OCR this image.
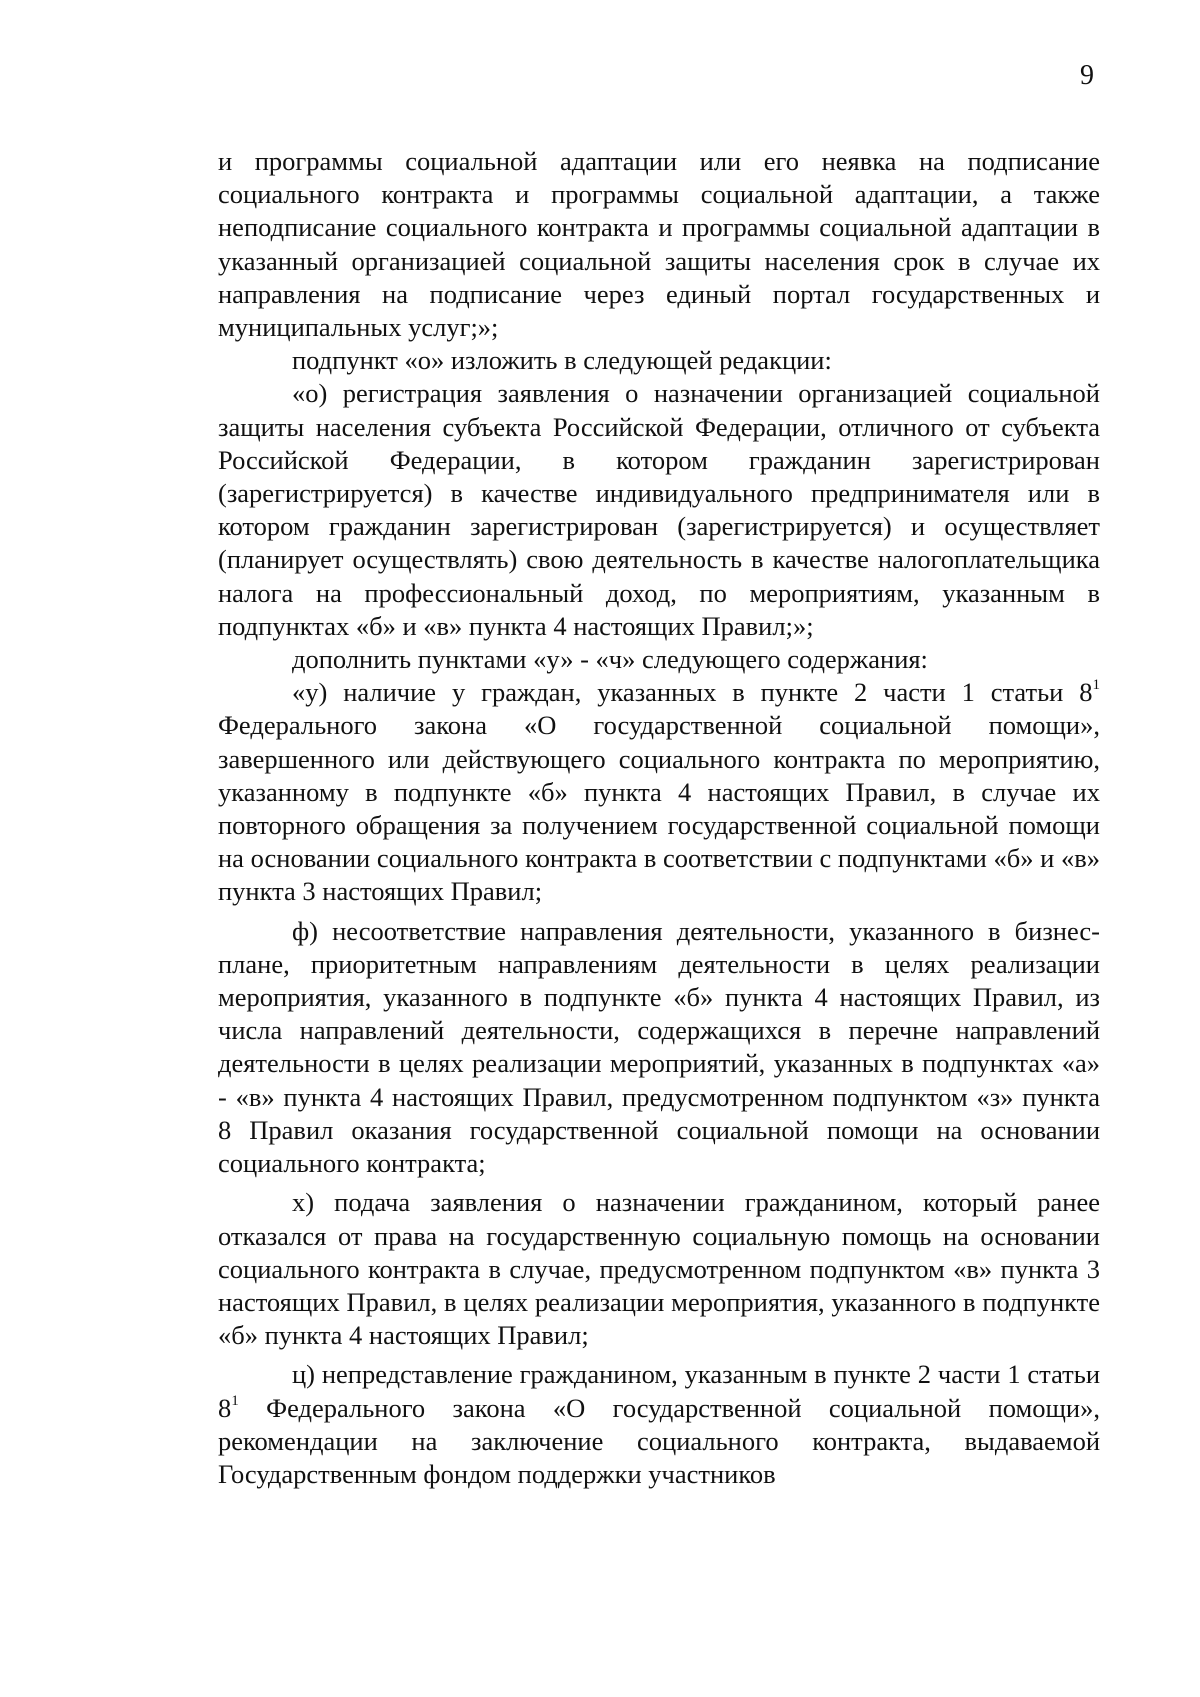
9

и программы социальной адаптации или его неявка на подписание социального контракта и программы социальной адаптации, а также неподписание социального контракта и программы социальной адаптации в указанный организацией социальной защиты населения срок в случае их направления на подписание через единый портал государственных и муниципальных услуг;»;

подпункт «о» изложить в следующей редакции:

«о) регистрация заявления о назначении организацией социальной защиты населения субъекта Российской Федерации, отличного от субъекта Российской Федерации, в котором гражданин зарегистрирован (зарегистрируется) в качестве индивидуального предпринимателя или в котором гражданин зарегистрирован (зарегистрируется) и осуществляет (планирует осуществлять) свою деятельность в качестве налогоплательщика налога на профессиональный доход, по мероприятиям, указанным в подпунктах «б» и «в» пункта 4 настоящих Правил;»;

дополнить пунктами «у» - «ч» следующего содержания:

«у) наличие у граждан, указанных в пункте 2 части 1 статьи $8^1$ Федерального закона «О государственной социальной помощи», завершенного или действующего социального контракта по мероприятию, указанному в подпункте «б» пункта 4 настоящих Правил, в случае их повторного обращения за получением государственной социальной помощи на основании социального контракта в соответствии с подпунктами «б» и «в» пункта 3 настоящих Правил;

ф) несоответствие направления деятельности, указанного в бизнес-плане, приоритетным направлениям деятельности в целях реализации мероприятия, указанного в подпункте «б» пункта 4 настоящих Правил, из числа направлений деятельности, содержащихся в перечне направлений деятельности в целях реализации мероприятий, указанных в подпунктах «а» - «в» пункта 4 настоящих Правил, предусмотренном подпунктом «з» пункта 8 Правил оказания государственной социальной помощи на основании социального контракта;

х) подача заявления о назначении гражданином, который ранее отказался от права на государственную социальную помощь на основании социального контракта в случае, предусмотренном подпунктом «в» пункта 3 настоящих Правил, в целях реализации мероприятия, указанного в подпункте «б» пункта 4 настоящих Правил;

ц) непредставление гражданином, указанным в пункте 2 части 1 статьи $8^1$ Федерального закона «О государственной социальной помощи», рекомендации на заключение социального контракта, выдаваемой Государственным фондом поддержки участников
